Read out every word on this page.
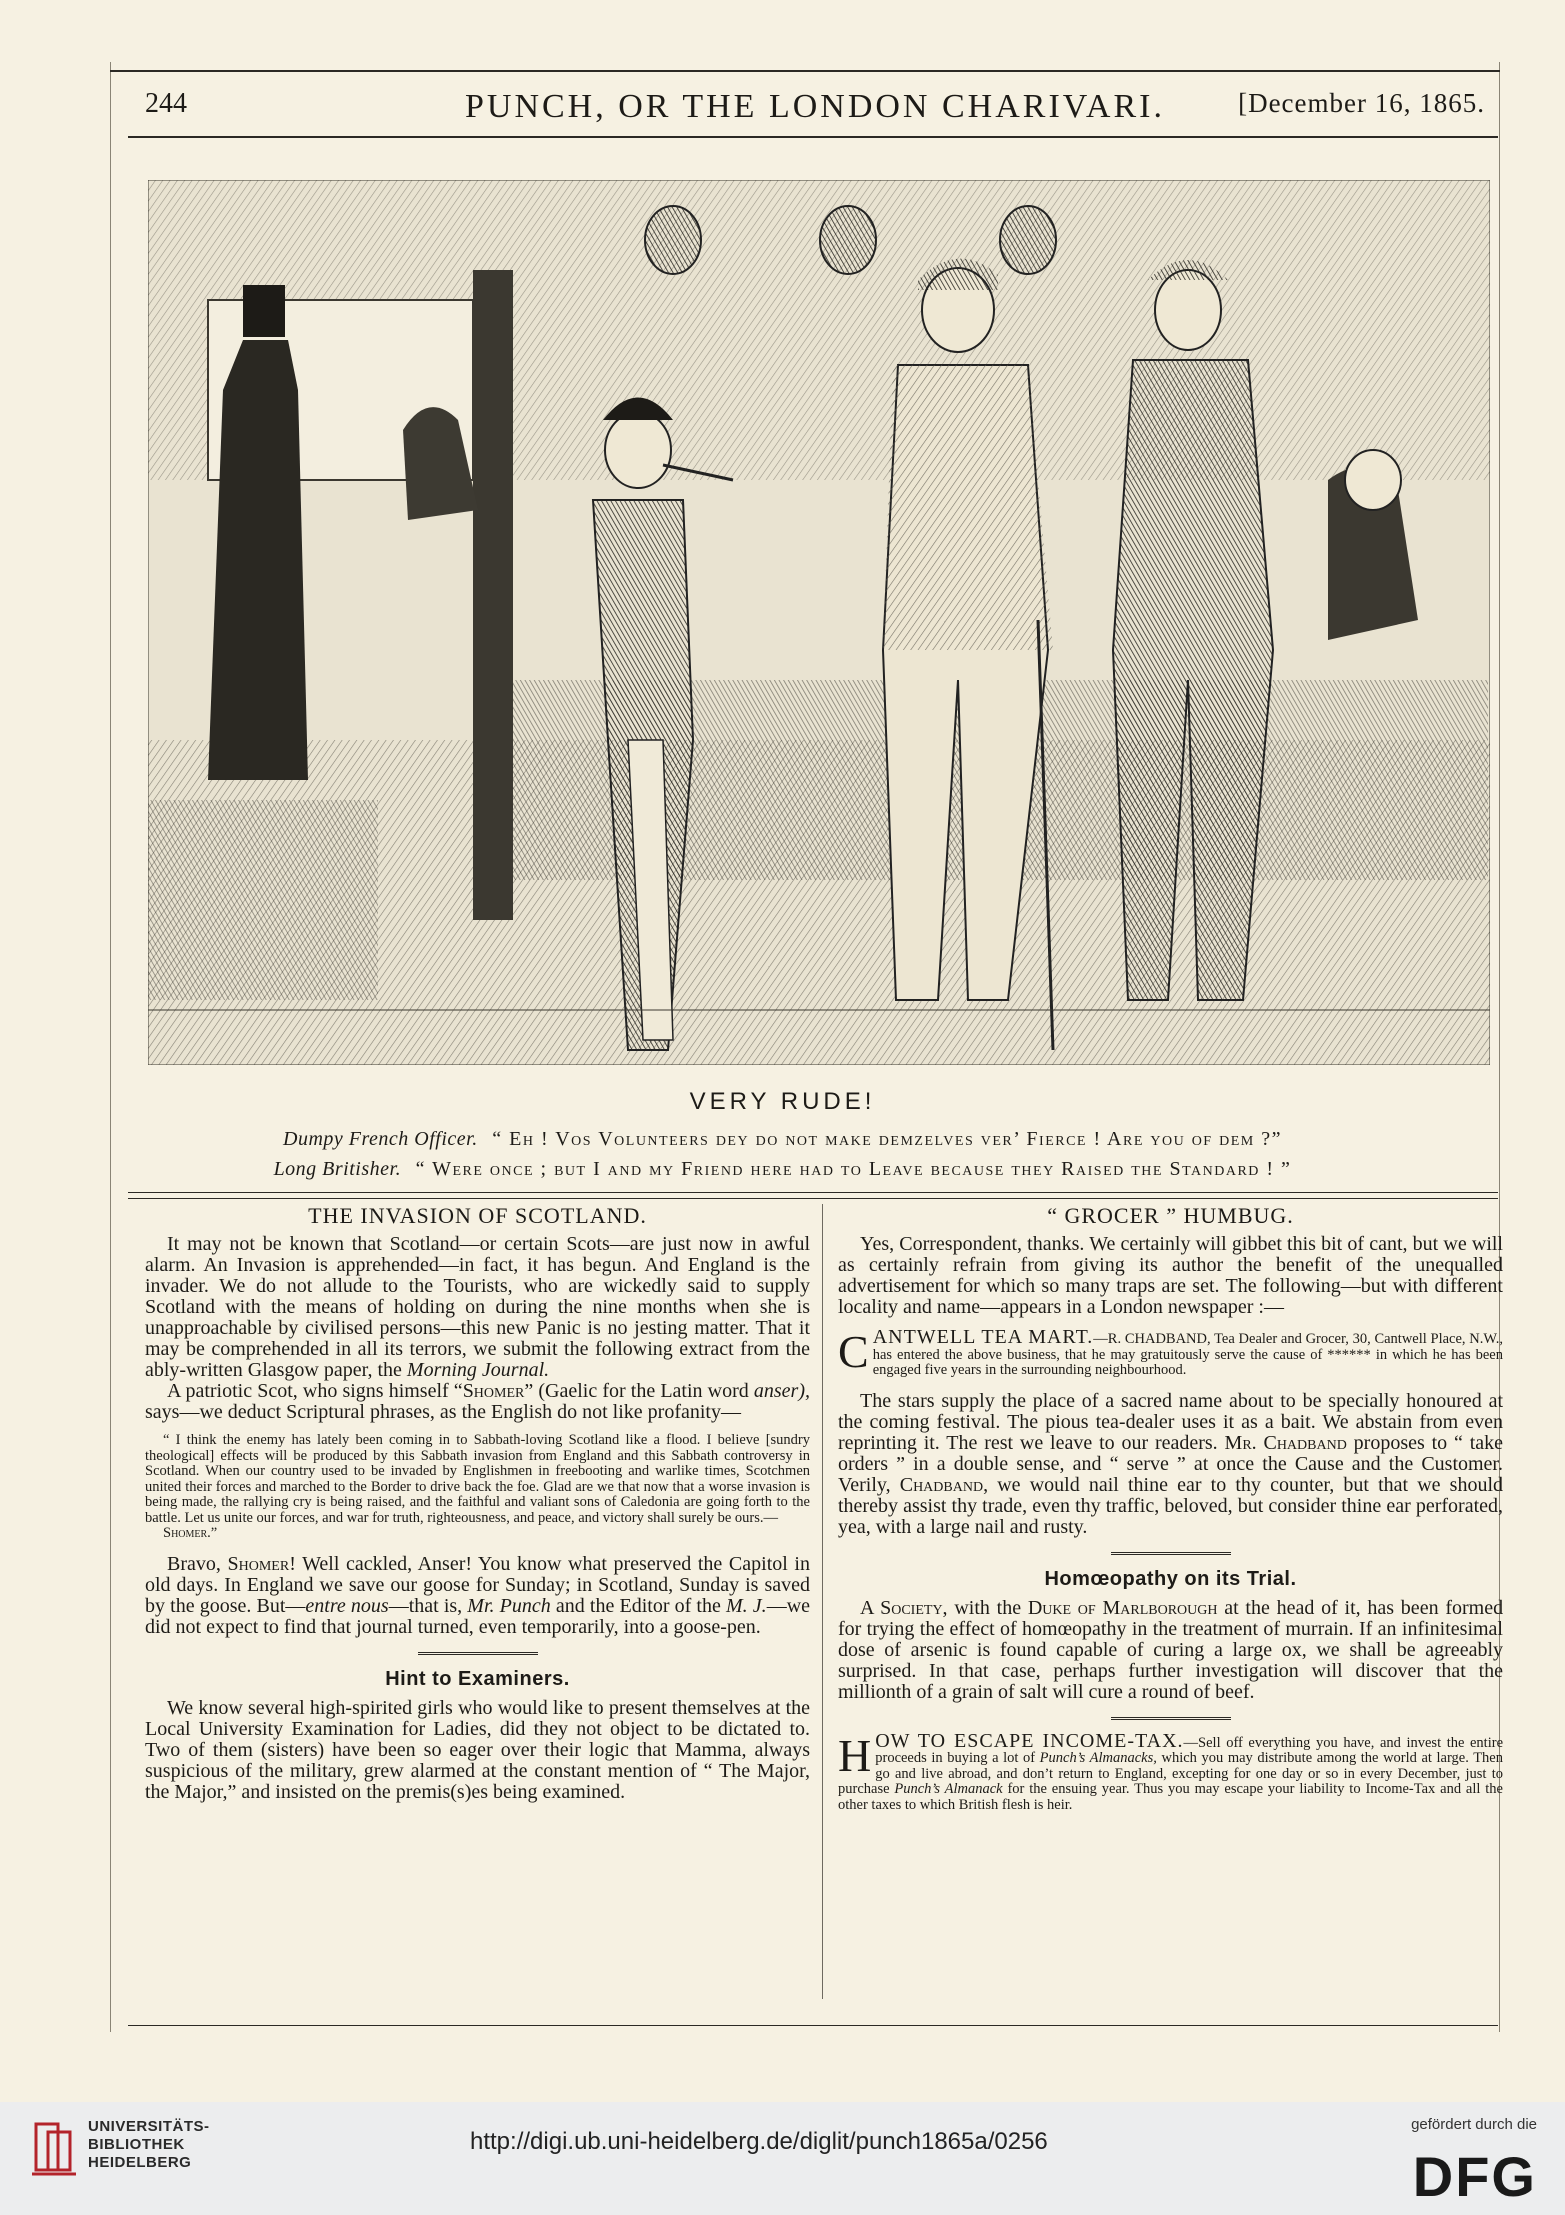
244	PUNCH, OR THE LONDON CHARIVARI.	[December 16, 1865.
VERY RUDE!
Dumpy French Officer. “ Eh ! Vos Volunteers dey do not make demzelves ver’ Fierce ! Are you of dem ?”
Long Britisher. “ Were once ; but I and my Friend here had to Leave because they Raised the Standard ! ”
THE INVASION OF SCOTLAND.

It may not be known that Scotland—or certain Scots—are just now in awful alarm. An Invasion is apprehended—in fact, it has begun. And England is the invader. We do not allude to the Tourists, who are wickedly said to supply Scotland with the means of holding on during the nine months when she is unapproachable by civilised persons—this new Panic is no jesting matter. That it may be comprehended in all its terrors, we submit the following extract from the ably-written Glasgow paper, the Morning Journal.

A patriotic Scot, who signs himself “Shomer” (Gaelic for the Latin word anser), says—we deduct Scriptural phrases, as the English do not like profanity—

“ I think the enemy has lately been coming in to Sabbath-loving Scotland like a flood. I believe [sundry theological] effects will be produced by this Sabbath invasion from England and this Sabbath controversy in Scotland. When our country used to be invaded by Englishmen in freebooting and warlike times, Scotchmen united their forces and marched to the Border to drive back the foe. Glad are we that now that a worse invasion is being made, the rallying cry is being raised, and the faithful and valiant sons of Caledonia are going forth to the battle. Let us unite our forces, and war for truth, righteousness, and peace, and victory shall surely be ours.—
Shomer.”

Bravo, Shomer! Well cackled, Anser! You know what preserved the Capitol in old days. In England we save our goose for Sunday; in Scotland, Sunday is saved by the goose. But—entre nous—that is, Mr. Punch and the Editor of the M. J.—we did not expect to find that journal turned, even temporarily, into a goose-pen.

Hint to Examiners.

We know several high-spirited girls who would like to present themselves at the Local University Examination for Ladies, did they not object to be dictated to. Two of them (sisters) have been so eager over their logic that Mamma, always suspicious of the military, grew alarmed at the constant mention of “ The Major, the Major,” and insisted on the premis(s)es being examined.

“ GROCER ” HUMBUG.

Yes, Correspondent, thanks. We certainly will gibbet this bit of cant, but we will as certainly refrain from giving its author the benefit of the unequalled advertisement for which so many traps are set. The following—but with different locality and name—appears in a London newspaper :—

CANTWELL TEA MART.—R. CHADBAND, Tea Dealer and Grocer, 30, Cantwell Place, N.W., has entered the above business, that he may gratuitously serve the cause of ****** in which he has been engaged five years in the surrounding neighbourhood.

The stars supply the place of a sacred name about to be specially honoured at the coming festival. The pious tea-dealer uses it as a bait. We abstain from even reprinting it. The rest we leave to our readers. Mr. Chadband proposes to “ take orders ” in a double sense, and “ serve ” at once the Cause and the Customer. Verily, Chadband, we would nail thine ear to thy counter, but that we should thereby assist thy trade, even thy traffic, beloved, but consider thine ear perforated, yea, with a large nail and rusty.

Homœopathy on its Trial.

A Society, with the Duke of Marlborough at the head of it, has been formed for trying the effect of homœopathy in the treatment of murrain. If an infinitesimal dose of arsenic is found capable of curing a large ox, we shall be agreeably surprised. In that case, perhaps further investigation will discover that the millionth of a grain of salt will cure a round of beef.

HOW TO ESCAPE INCOME-TAX.—Sell off everything you have, and invest the entire proceeds in buying a lot of Punch’s Almanacks, which you may distribute among the world at large. Then go and live abroad, and don’t return to England, excepting for one day or so in every December, just to purchase Punch’s Almanack for the ensuing year. Thus you may escape your liability to Income-Tax and all the other taxes to which British flesh is heir.
UNIVERSITÄTS-
BIBLIOTHEK
HEIDELBERG
http://digi.ub.uni-heidelberg.de/diglit/punch1865a/0256
gefördert durch die
DFG
